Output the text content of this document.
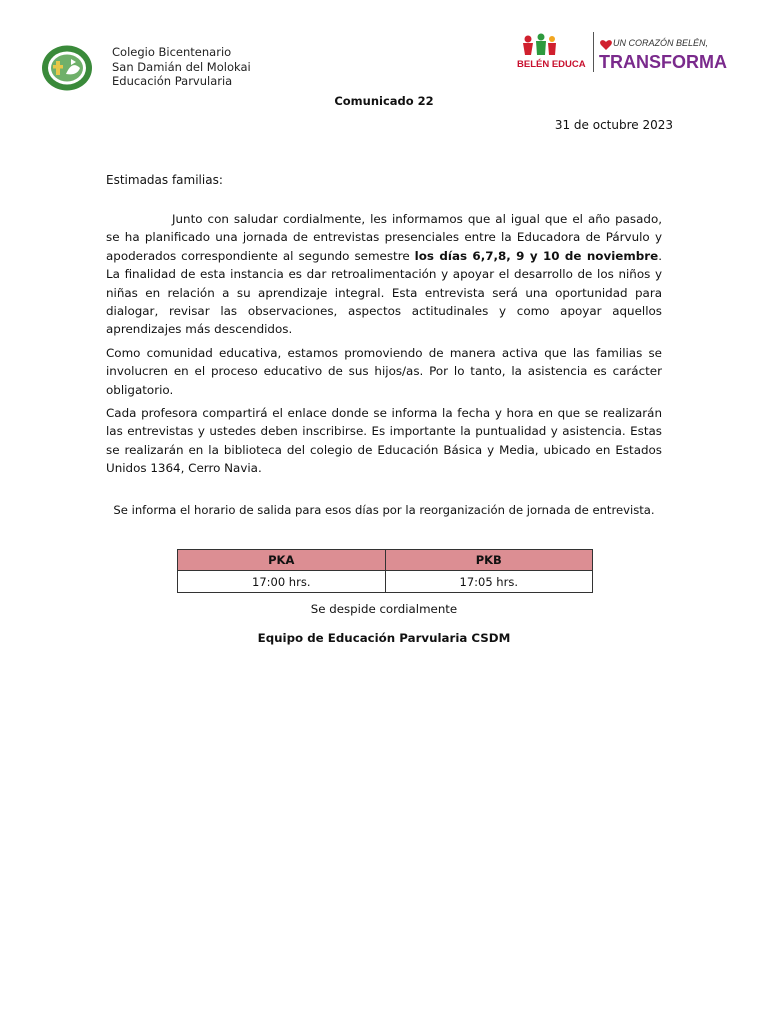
Colegio Bicentenario
San Damián del Molokai
Educación Parvularia
BELÉN EDUCA
UN CORAZÓN BELÉN,
TRANSFORMA
Comunicado 22
31 de octubre 2023
Estimadas familias:

Junto con saludar cordialmente, les informamos que al igual que el año pasado, se ha planificado una jornada de entrevistas presenciales entre la Educadora de Párvulo y apoderados correspondiente al segundo semestre los días 6,7,8, 9 y 10 de noviembre. La finalidad de esta instancia es dar retroalimentación y apoyar el desarrollo de los niños y niñas en relación a su aprendizaje integral. Esta entrevista será una oportunidad para dialogar, revisar las observaciones, aspectos actitudinales y como apoyar aquellos aprendizajes más descendidos.

Como comunidad educativa, estamos promoviendo de manera activa que las familias se involucren en el proceso educativo de sus hijos/as. Por lo tanto, la asistencia es carácter obligatorio.

Cada profesora compartirá el enlace donde se informa la fecha y hora en que se realizarán las entrevistas y ustedes deben inscribirse. Es importante la puntualidad y asistencia. Estas se realizarán en la biblioteca del colegio de Educación Básica y Media, ubicado en Estados Unidos 1364, Cerro Navia.

Se informa el horario de salida para esos días por la reorganización de jornada de entrevista.
PKA	PKB
17:00 hrs.	17:05 hrs.
Se despide cordialmente
Equipo de Educación Parvularia CSDM
